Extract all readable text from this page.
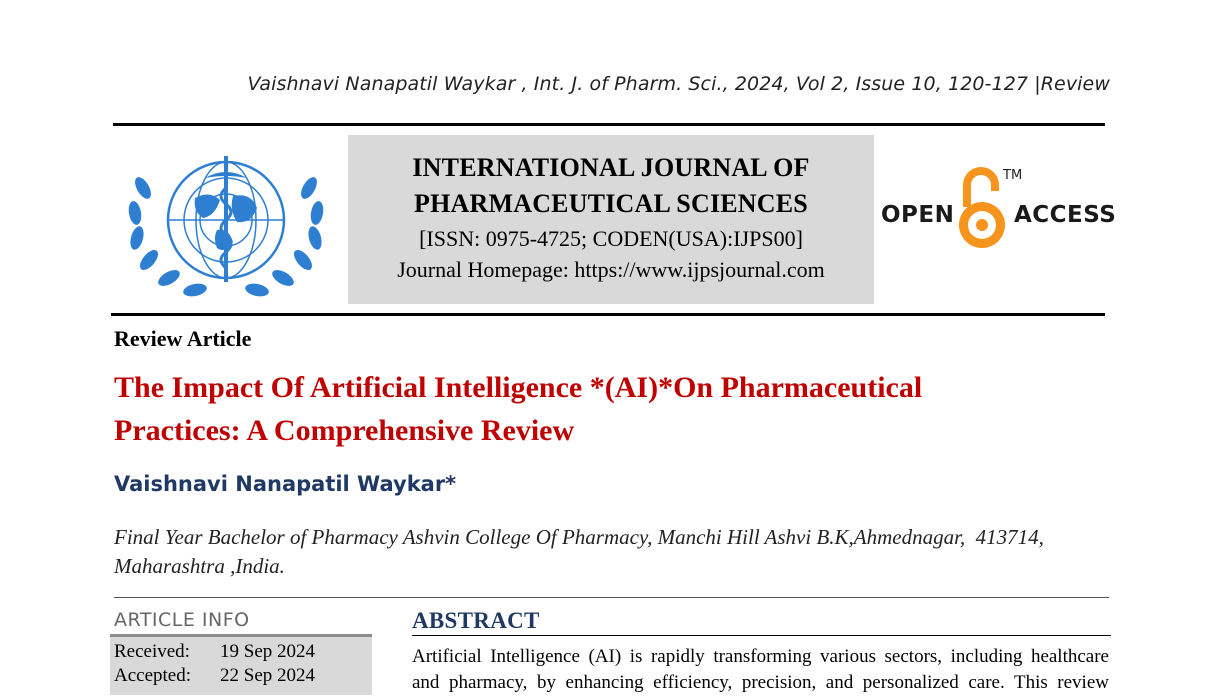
Vaishnavi Nanapatil Waykar , Int. J. of Pharm. Sci., 2024, Vol 2, Issue 10, 120-127 |Review
INTERNATIONAL JOURNAL OF
PHARMACEUTICAL SCIENCES
[ISSN: 0975-4725; CODEN(USA):IJPS00]
Journal Homepage: https://www.ijpsjournal.com
OPEN
TM
ACCESS
Review Article
The Impact Of Artificial Intelligence *(AI)*On Pharmaceutical
Practices: A Comprehensive Review
Vaishnavi Nanapatil Waykar*
Final Year Bachelor of Pharmacy Ashvin College Of Pharmacy, Manchi Hill Ashvi B.K,Ahmednagar,  413714,
Maharashtra ,India.
ARTICLE INFO
Received: 19 Sep 2024
Accepted: 22 Sep 2024
ABSTRACT
Artificial Intelligence (AI) is rapidly transforming various sectors, including healthcare
and pharmacy, by enhancing efficiency, precision, and personalized care. This review
